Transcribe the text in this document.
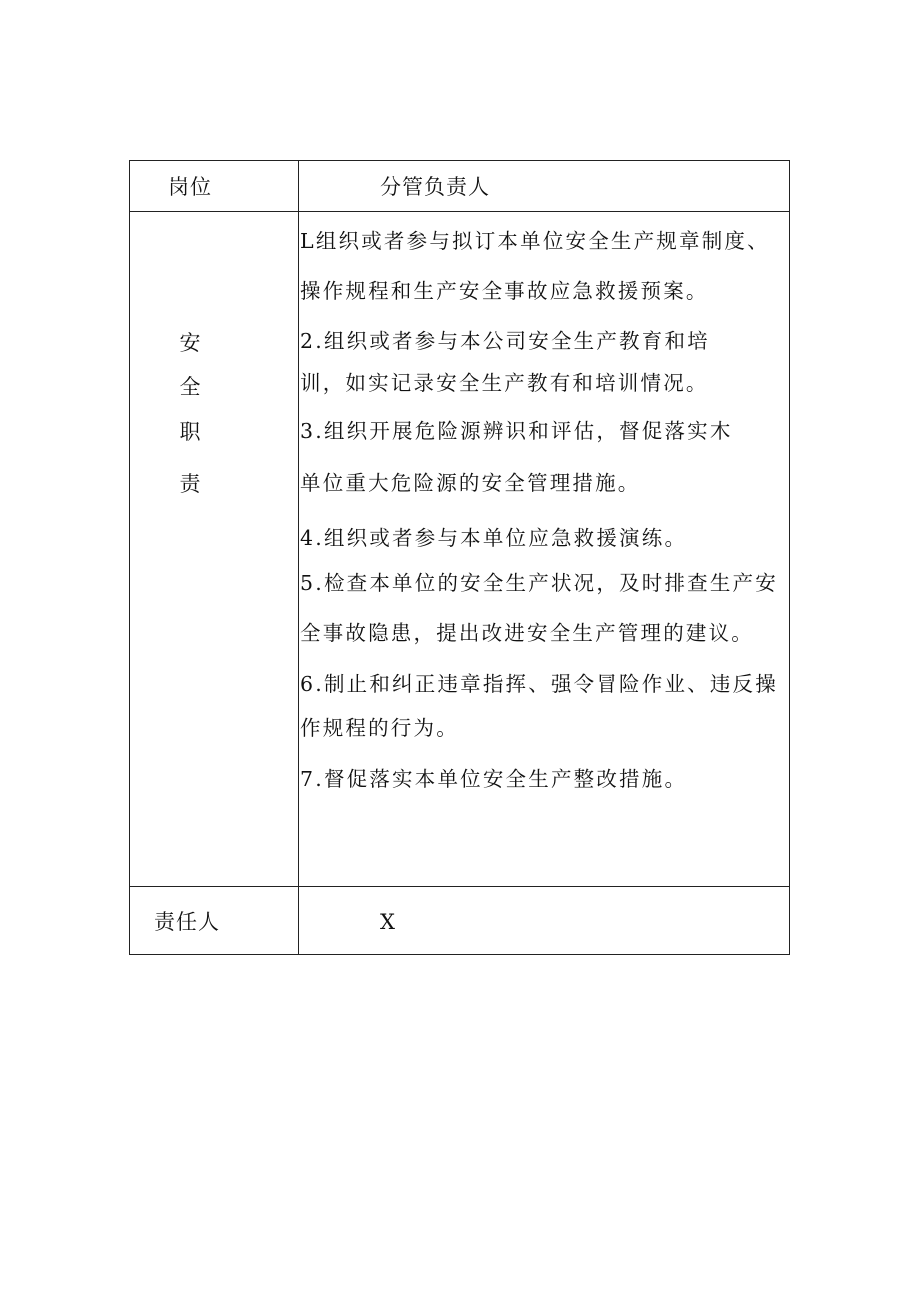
岗位	分管负责人
安
全
职
责
L组织或者参与拟订本单位安全生产规章制度、
操作规程和生产安全事故应急救援预案。
2.组织或者参与本公司安全生产教育和培
训，如实记录安全生产教有和培训情况。
3.组织开展危险源辨识和评估，督促落实木
单位重大危险源的安全管理措施。
4.组织或者参与本单位应急救援演练。
5.检查本单位的安全生产状况，及时排查生产安
全事故隐患，提出改进安全生产管理的建议。
6.制止和纠正违章指挥、强令冒险作业、违反操
作规程的行为。
7.督促落实本单位安全生产整改措施。
责任人	X
